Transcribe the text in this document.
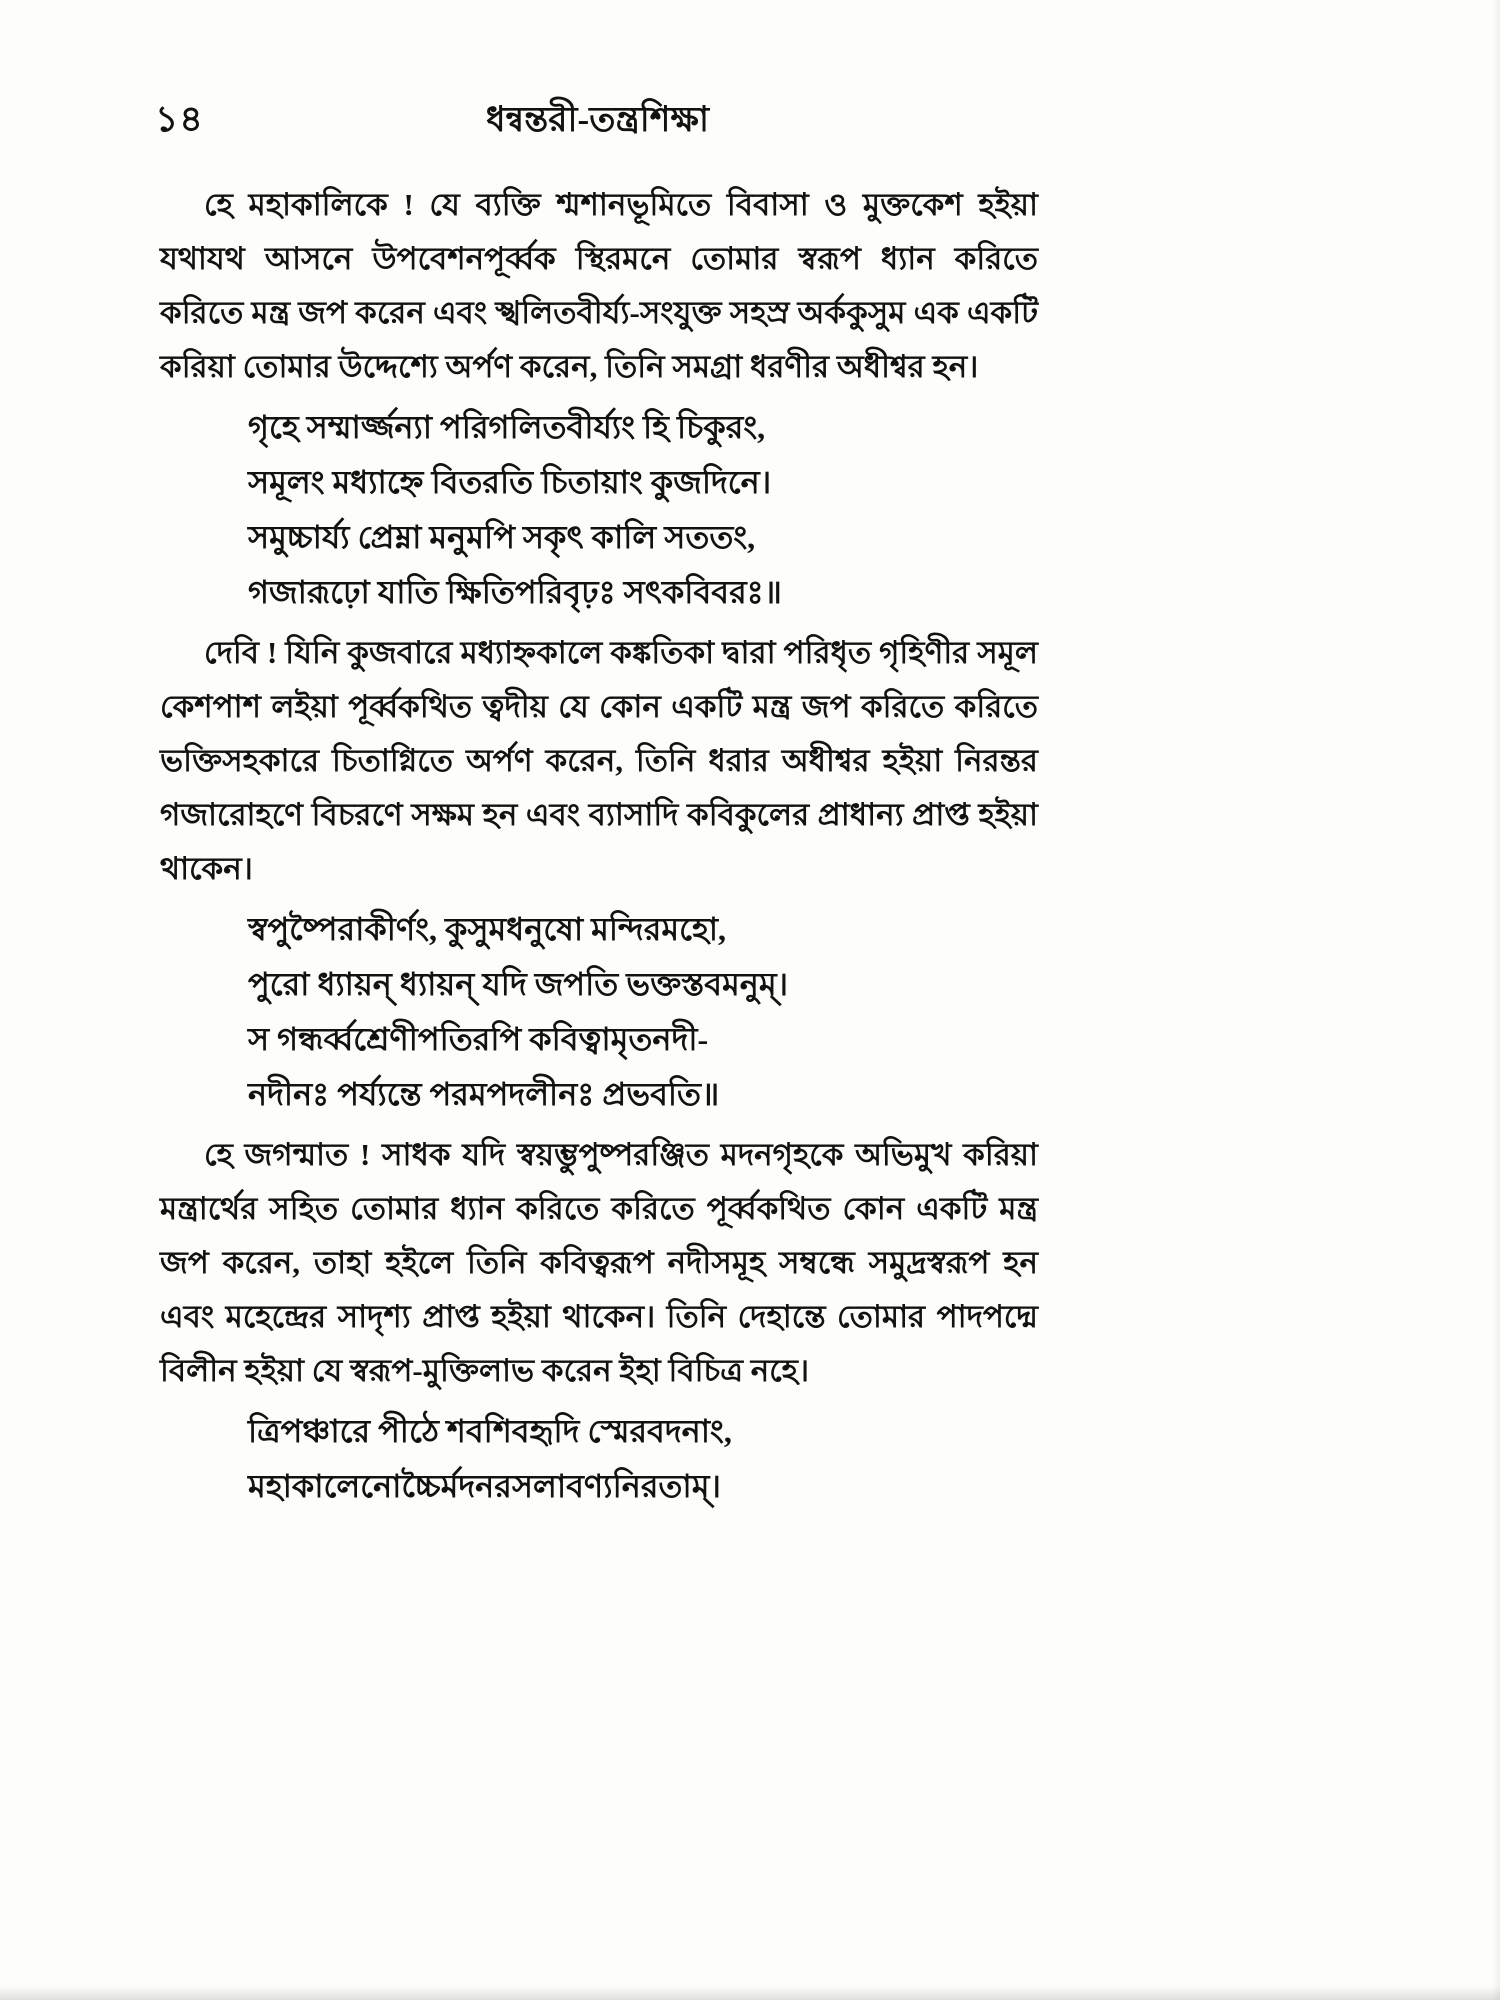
১৪	ধন্বন্তরী-তন্ত্রশিক্ষা
হে মহাকালিকে ! যে ব্যক্তি শ্মশানভূমিতে বিবাসা ও মুক্তকেশ হইয়া যথাযথ আসনে উপবেশনপূর্ব্বক স্থিরমনে তোমার স্বরূপ ধ্যান করিতে করিতে মন্ত্র জপ করেন এবং স্খলিতবীর্য্য-সংযুক্ত সহস্র অর্ককুসুম এক একটি করিয়া তোমার উদ্দেশ্যে অর্পণ করেন, তিনি সমগ্রা ধরণীর অধীশ্বর হন।
গৃহে সম্মার্জ্জন্যা পরিগলিতবীর্য্যং হি চিকুরং,
সমূলং মধ্যাহ্নে বিতরতি চিতায়াং কুজদিনে।
সমুচ্চার্য্য প্রেম্না মনুমপি সকৃৎ কালি সততং,
গজারূঢ়ো যাতি ক্ষিতিপরিবৃঢ়ঃ সৎকবিবরঃ॥
দেবি ! যিনি কুজবারে মধ্যাহ্নকালে কঙ্কতিকা দ্বারা পরিধৃত গৃহিণীর সমূল কেশপাশ লইয়া পূর্ব্বকথিত ত্বদীয় যে কোন একটি মন্ত্র জপ করিতে করিতে ভক্তিসহকারে চিতাগ্নিতে অর্পণ করেন, তিনি ধরার অধীশ্বর হইয়া নিরন্তর গজারোহণে বিচরণে সক্ষম হন এবং ব্যাসাদি কবিকুলের প্রাধান্য প্রাপ্ত হইয়া থাকেন।
স্বপুষ্পৈরাকীর্ণং, কুসুমধনুষো মন্দিরমহো,
পুরো ধ্যায়ন্ ধ্যায়ন্ যদি জপতি ভক্তস্তবমনুম্।
স গন্ধর্ব্বশ্রেণীপতিরপি কবিত্বামৃতনদী-
নদীনঃ পর্য্যন্তে পরমপদলীনঃ প্রভবতি॥
হে জগন্মাত ! সাধক যদি স্বয়ম্ভুপুষ্পরঞ্জিত মদনগৃহকে অভিমুখ করিয়া মন্ত্রার্থের সহিত তোমার ধ্যান করিতে করিতে পূর্ব্বকথিত কোন একটি মন্ত্র জপ করেন, তাহা হইলে তিনি কবিত্বরূপ নদীসমূহ সম্বন্ধে সমুদ্রস্বরূপ হন এবং মহেন্দ্রের সাদৃশ্য প্রাপ্ত হইয়া থাকেন। তিনি দেহান্তে তোমার পাদপদ্মে বিলীন হইয়া যে স্বরূপ-মুক্তিলাভ করেন ইহা বিচিত্র নহে।
ত্রিপঞ্চারে পীঠে শবশিবহৃদি স্মেরবদনাং,
মহাকালেনোচ্চৈর্মদনরসলাবণ্যনিরতাম্।
